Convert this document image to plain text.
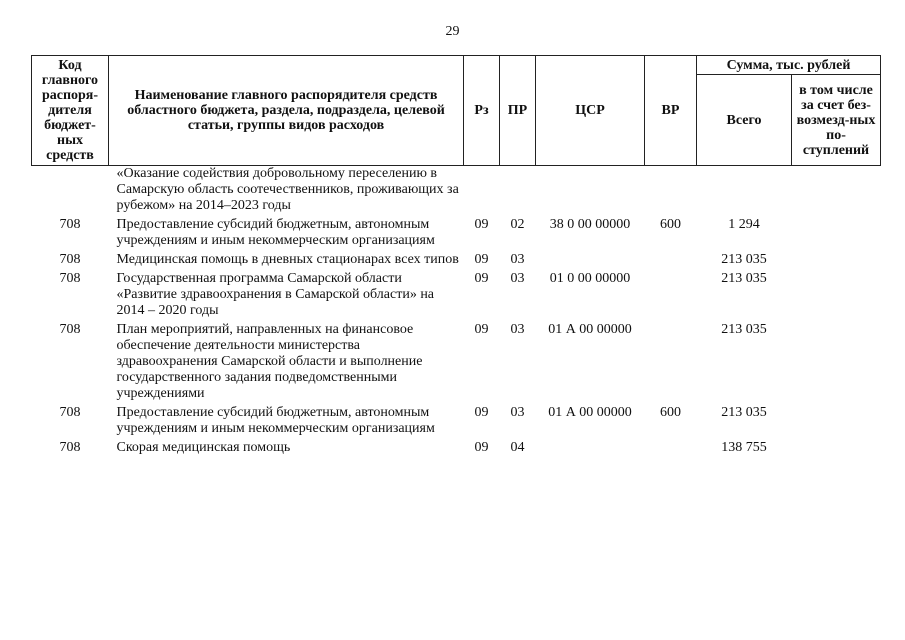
29
Код главного распоря-дителя бюджет-ных средств	Наименование главного распорядителя средств областного бюджета, раздела, подраздела, целевой статьи, группы видов расходов	Рз	ПР	ЦСР	ВР	Сумма, тыс. рублей	
						Всего	в том числе за счет без-возмезд-ных по-ступлений
	«Оказание содействия добровольному переселению в Самарскую область соотечественников, проживающих за рубежом» на 2014–2023 годы						
708	Предоставление субсидий бюджетным, автономным учреждениям и иным некоммерческим организациям	09	02	38 0 00 00000	600	1 294	
708	Медицинская помощь в дневных стационарах всех типов	09	03			213 035	
708	Государственная программа Самарской области «Развитие здравоохранения в Самарской области» на 2014 – 2020 годы	09	03	01 0 00 00000		213 035	
708	План мероприятий, направленных на финансовое обеспечение деятельности министерства здравоохранения Самарской области и выполнение государственного задания подведомственными учреждениями	09	03	01 А 00 00000		213 035	
708	Предоставление субсидий бюджетным, автономным учреждениям и иным некоммерческим организациям	09	03	01 А 00 00000	600	213 035	
708	Скорая медицинская помощь	09	04			138 755	
